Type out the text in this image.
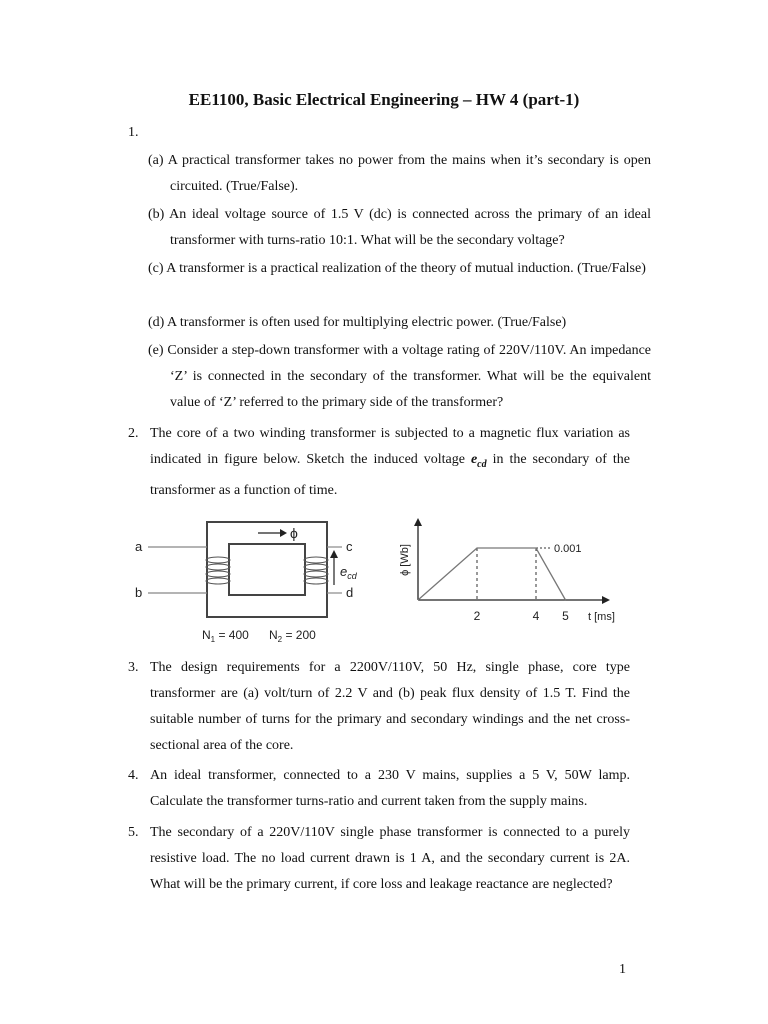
EE1100, Basic Electrical Engineering – HW 4 (part-1)
1.
(a) A practical transformer takes no power from the mains when it’s secondary is open circuited. (True/False).
(b) An ideal voltage source of 1.5 V (dc) is connected across the primary of an ideal transformer with turns-ratio 10:1. What will be the secondary voltage?
(c) A transformer is a practical realization of the theory of mutual induction. (True/False)
(d) A transformer is often used for multiplying electric power. (True/False)
(e) Consider a step-down transformer with a voltage rating of 220V/110V. An impedance ‘Z’ is connected in the secondary of the transformer. What will be the equivalent value of ‘Z’ referred to the primary side of the transformer?
2. The core of a two winding transformer is subjected to a magnetic flux variation as indicated in figure below. Sketch the induced voltage $e_{cd}$ in the secondary of the transformer as a function of time.
ϕ
$e_{cd}$
a
b
c
d
$N_1 = 400$ $N_2 = 200$
ϕ [Wb]
t [ms]
0.001
2	4 5
3. The design requirements for a 2200V/110V, 50 Hz, single phase, core type transformer are (a) volt/turn of 2.2 V and (b) peak flux density of 1.5 T. Find the suitable number of turns for the primary and secondary windings and the net cross-sectional area of the core.
4. An ideal transformer, connected to a 230 V mains, supplies a 5 V, 50W lamp. Calculate the transformer turns-ratio and current taken from the supply mains.
5. The secondary of a 220V/110V single phase transformer is connected to a purely resistive load. The no load current drawn is 1 A, and the secondary current is 2A. What will be the primary current, if core loss and leakage reactance are neglected?
1
